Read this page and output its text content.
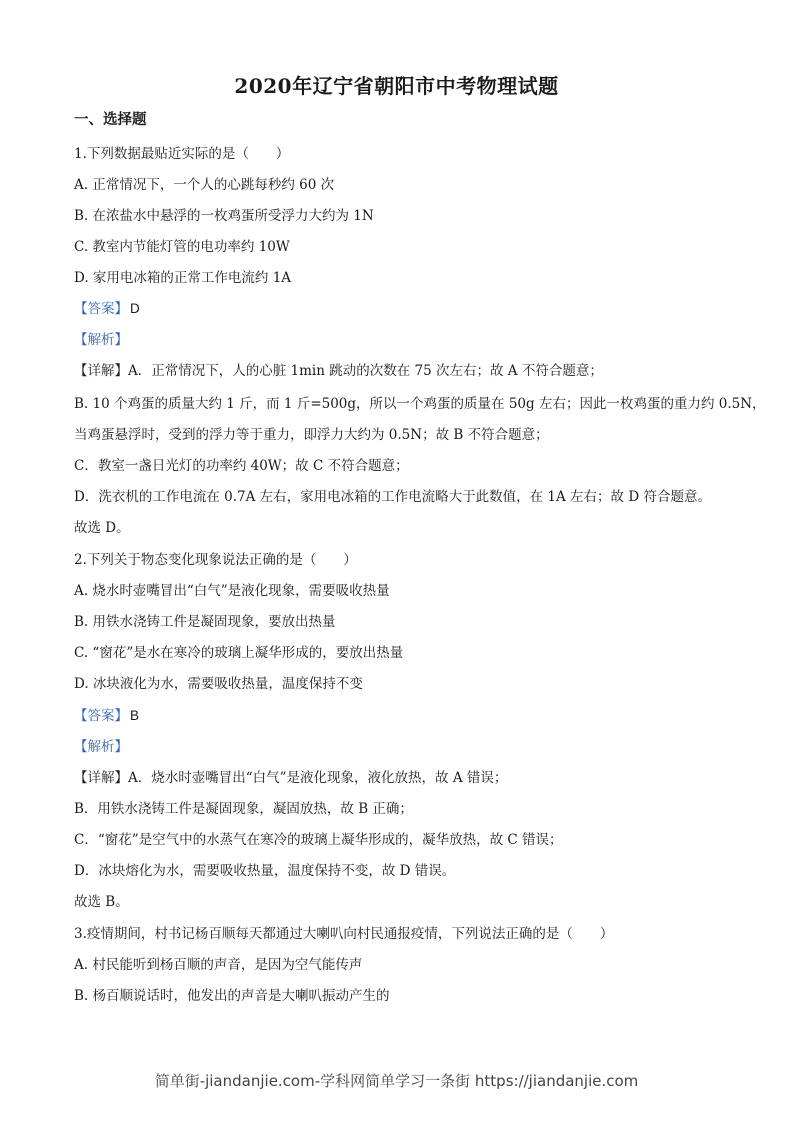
2020年辽宁省朝阳市中考物理试题
一、选择题
1.下列数据最贴近实际的是（　　）
A. 正常情况下，一个人的心跳每秒约 60 次
B. 在浓盐水中悬浮的一枚鸡蛋所受浮力大约为 1N
C. 教室内节能灯管的电功率约 10W
D. 家用电冰箱的正常工作电流约 1A
【答案】 D
【解析】
【详解】A．正常情况下，人的心脏 1min 跳动的次数在 75 次左右；故 A 不符合题意；
B. 10 个鸡蛋的质量大约 1 斤，而 1 斤=500g，所以一个鸡蛋的质量在 50g 左右；因此一枚鸡蛋的重力约 0.5N，
当鸡蛋悬浮时，受到的浮力等于重力，即浮力大约为 0.5N；故 B 不符合题意；
C．教室一盏日光灯的功率约 40W；故 C 不符合题意；
D．洗衣机的工作电流在 0.7A 左右，家用电冰箱的工作电流略大于此数值，在 1A 左右；故 D 符合题意。
故选 D。
2.下列关于物态变化现象说法正确的是（　　）
A. 烧水时壶嘴冒出“白气”是液化现象，需要吸收热量
B. 用铁水浇铸工件是凝固现象，要放出热量
C. “窗花”是水在寒冷的玻璃上凝华形成的，要放出热量
D. 冰块液化为水，需要吸收热量，温度保持不变
【答案】 B
【解析】
【详解】A．烧水时壶嘴冒出“白气”是液化现象，液化放热，故 A 错误；
B．用铁水浇铸工件是凝固现象，凝固放热，故 B 正确；
C．“窗花”是空气中的水蒸气在寒冷的玻璃上凝华形成的，凝华放热，故 C 错误；
D．冰块熔化为水，需要吸收热量，温度保持不变，故 D 错误。
故选 B。
3.疫情期间，村书记杨百顺每天都通过大喇叭向村民通报疫情，下列说法正确的是（　　）
A. 村民能听到杨百顺的声音，是因为空气能传声
B. 杨百顺说话时，他发出的声音是大喇叭振动产生的
简单街-jiandanjie.com-学科网简单学习一条街 https://jiandanjie.com
